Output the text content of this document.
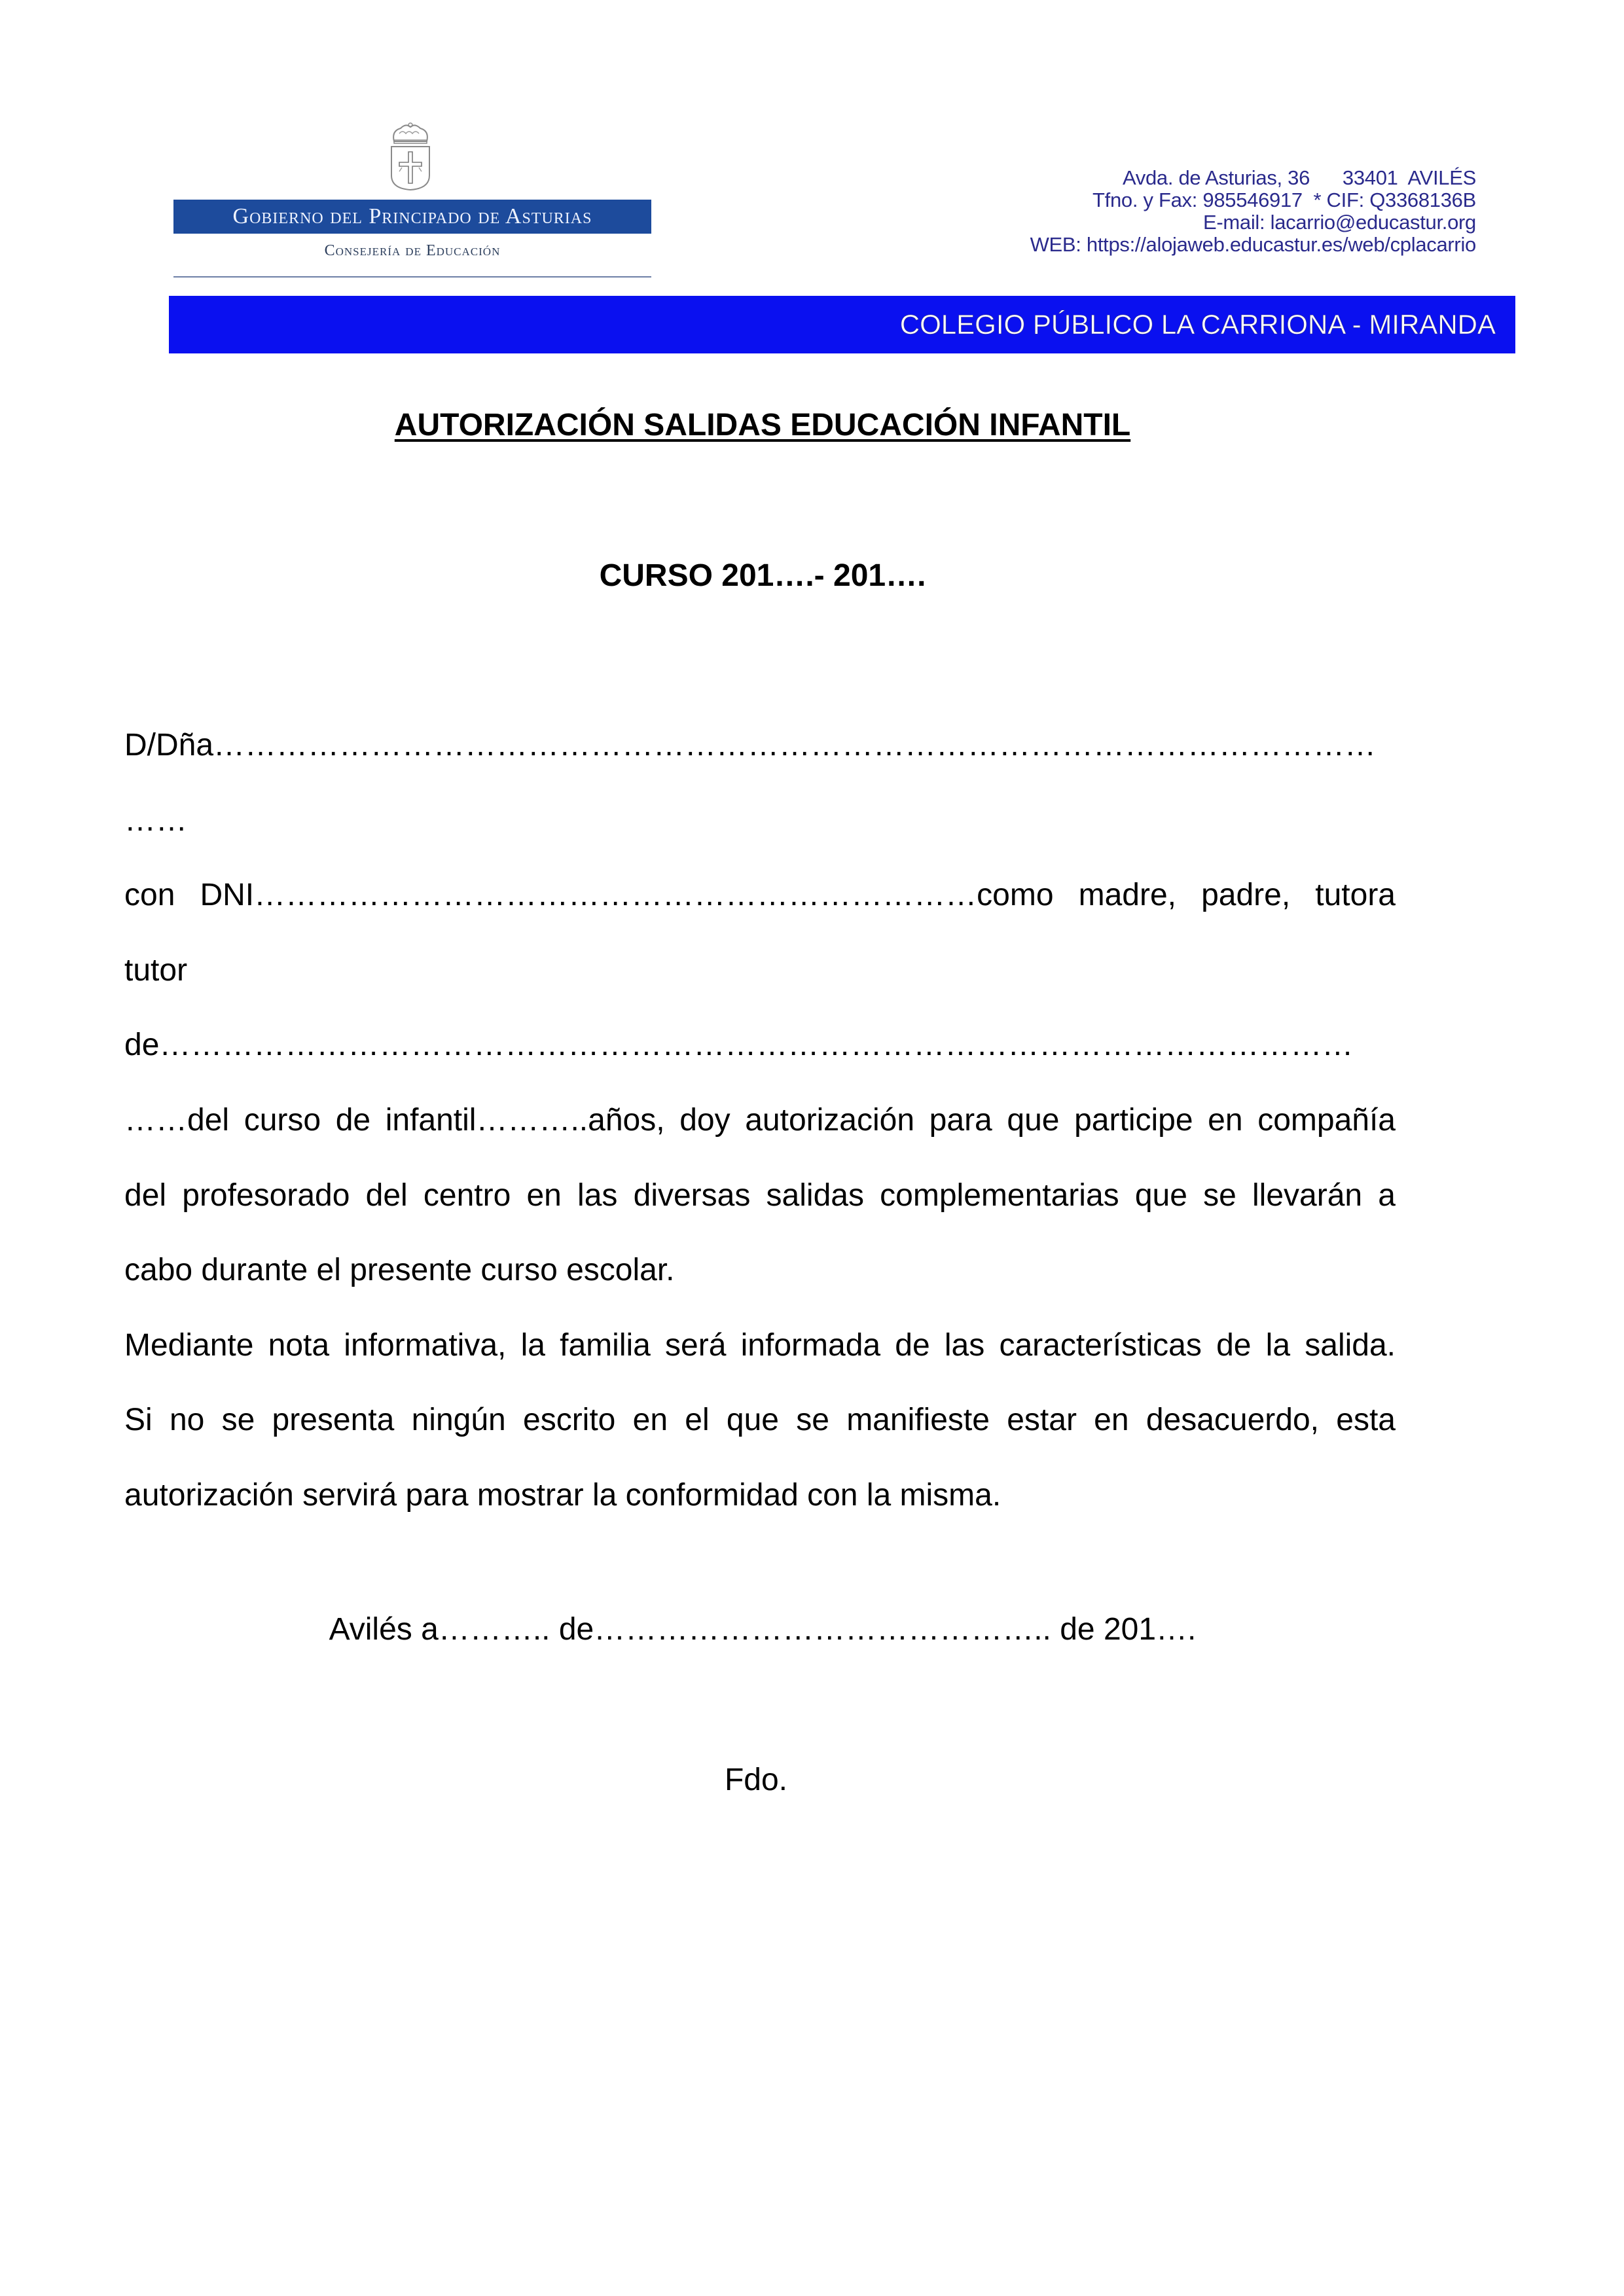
Gobierno del Principado de Asturias
Consejería de Educación
Avda. de Asturias, 36      33401  AVILÉS
Tfno. y Fax: 985546917  * CIF: Q3368136B
E-mail: lacarrio@educastur.org
WEB: https://alojaweb.educastur.es/web/cplacarrio
COLEGIO PÚBLICO LA CARRIONA - MIRANDA
AUTORIZACIÓN SALIDAS EDUCACIÓN INFANTIL
CURSO 201….- 201….
D/Dña…………………………………………………………………………………………………
……
con  DNI……………………………………………………………como  madre,  padre,  tutora
tutor
de……………………………………………………………………………………………………
……del curso de infantil………..años, doy autorización para que participe en compañía
del profesorado del centro en las diversas salidas complementarias que se llevarán a
cabo durante el presente curso escolar.
Mediante nota informativa, la familia será informada de las características de la salida.
Si no se presenta ningún escrito en el que se manifieste estar en desacuerdo, esta
autorización servirá para mostrar la conformidad con la misma.
Avilés a……….. de…………………………………….. de 201….
Fdo.
